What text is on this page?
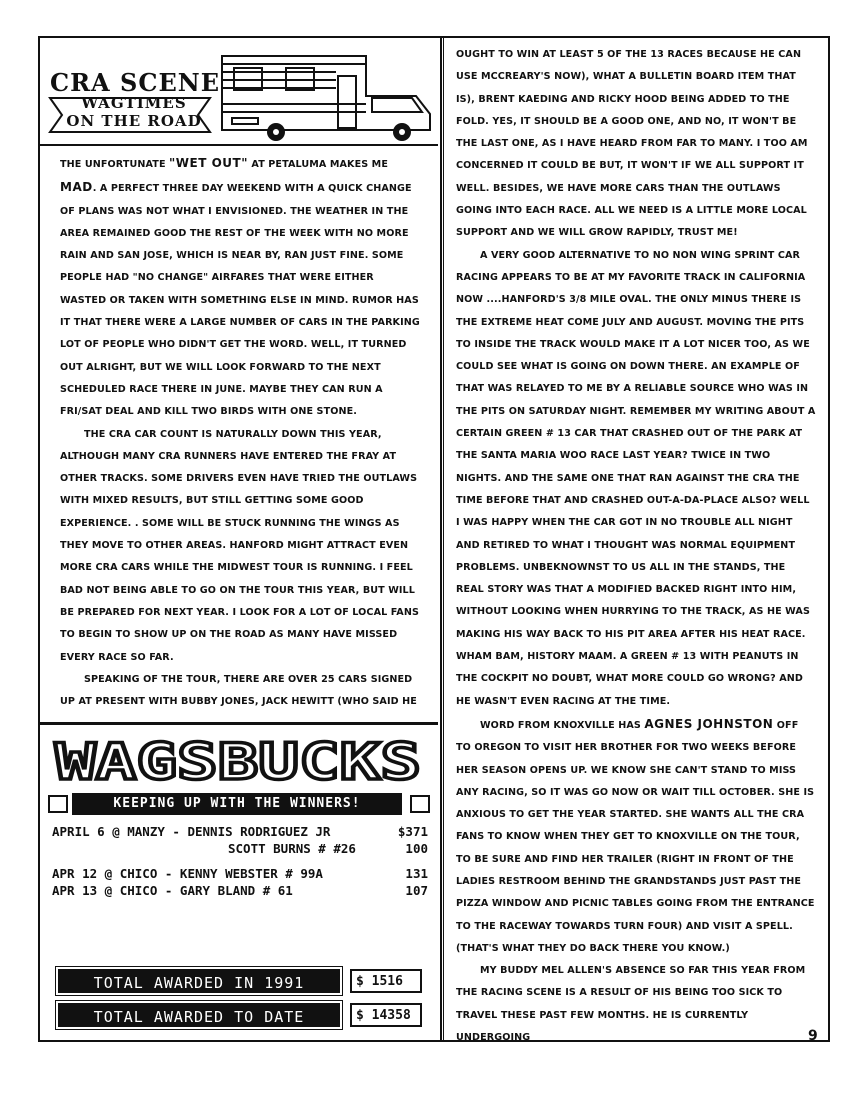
CRA SCENE
WAGTIMES
ON THE ROAD

THE UNFORTUNATE "WET OUT" AT PETALUMA MAKES ME MAD. A PERFECT THREE DAY WEEKEND WITH A QUICK CHANGE OF PLANS WAS NOT WHAT I ENVISIONED. THE WEATHER IN THE AREA REMAINED GOOD THE REST OF THE WEEK WITH NO MORE RAIN AND SAN JOSE, WHICH IS NEAR BY, RAN JUST FINE. SOME PEOPLE HAD "NO CHANGE" AIRFARES THAT WERE EITHER WASTED OR TAKEN WITH SOMETHING ELSE IN MIND. RUMOR HAS IT THAT THERE WERE A LARGE NUMBER OF CARS IN THE PARKING LOT OF PEOPLE WHO DIDN'T GET THE WORD. WELL, IT TURNED OUT ALRIGHT, BUT WE WILL LOOK FORWARD TO THE NEXT SCHEDULED RACE THERE IN JUNE. MAYBE THEY CAN RUN A FRI/SAT DEAL AND KILL TWO BIRDS WITH ONE STONE.

THE CRA CAR COUNT IS NATURALLY DOWN THIS YEAR, ALTHOUGH MANY CRA RUNNERS HAVE ENTERED THE FRAY AT OTHER TRACKS. SOME DRIVERS EVEN HAVE TRIED THE OUTLAWS WITH MIXED RESULTS, BUT STILL GETTING SOME GOOD EXPERIENCE. . SOME WILL BE STUCK RUNNING THE WINGS AS THEY MOVE TO OTHER AREAS. HANFORD MIGHT ATTRACT EVEN MORE CRA CARS WHILE THE MIDWEST TOUR IS RUNNING. I FEEL BAD NOT BEING ABLE TO GO ON THE TOUR THIS YEAR, BUT WILL BE PREPARED FOR NEXT YEAR. I LOOK FOR A LOT OF LOCAL FANS TO BEGIN TO SHOW UP ON THE ROAD AS MANY HAVE MISSED EVERY RACE SO FAR.

SPEAKING OF THE TOUR, THERE ARE OVER 25 CARS SIGNED UP AT PRESENT WITH BUBBY JONES, JACK HEWITT (WHO SAID HE

OUGHT TO WIN AT LEAST 5 OF THE 13 RACES BECAUSE HE CAN USE MCCREARY'S NOW), WHAT A BULLETIN BOARD ITEM THAT IS), BRENT KAEDING AND RICKY HOOD BEING ADDED TO THE FOLD. YES, IT SHOULD BE A GOOD ONE, AND NO, IT WON'T BE THE LAST ONE, AS I HAVE HEARD FROM FAR TO MANY. I TOO AM CONCERNED IT COULD BE BUT, IT WON'T IF WE ALL SUPPORT IT WELL. BESIDES, WE HAVE MORE CARS THAN THE OUTLAWS GOING INTO EACH RACE. ALL WE NEED IS A LITTLE MORE LOCAL SUPPORT AND WE WILL GROW RAPIDLY, TRUST ME!

A VERY GOOD ALTERNATIVE TO NO NON WING SPRINT CAR RACING APPEARS TO BE AT MY FAVORITE TRACK IN CALIFORNIA NOW ....HANFORD'S 3/8 MILE OVAL. THE ONLY MINUS THERE IS THE EXTREME HEAT COME JULY AND AUGUST. MOVING THE PITS TO INSIDE THE TRACK WOULD MAKE IT A LOT NICER TOO, AS WE COULD SEE WHAT IS GOING ON DOWN THERE. AN EXAMPLE OF THAT WAS RELAYED TO ME BY A RELIABLE SOURCE WHO WAS IN THE PITS ON SATURDAY NIGHT. REMEMBER MY WRITING ABOUT A CERTAIN GREEN # 13 CAR THAT CRASHED OUT OF THE PARK AT THE SANTA MARIA WOO RACE LAST YEAR? TWICE IN TWO NIGHTS. AND THE SAME ONE THAT RAN AGAINST THE CRA THE TIME BEFORE THAT AND CRASHED OUT-A-DA-PLACE ALSO? WELL I WAS HAPPY WHEN THE CAR GOT IN NO TROUBLE ALL NIGHT AND RETIRED TO WHAT I THOUGHT WAS NORMAL EQUIPMENT PROBLEMS. UNBEKNOWNST TO US ALL IN THE STANDS, THE REAL STORY WAS THAT A MODIFIED BACKED RIGHT INTO HIM, WITHOUT LOOKING WHEN HURRYING TO THE TRACK, AS HE WAS MAKING HIS WAY BACK TO HIS PIT AREA AFTER HIS HEAT RACE. WHAM BAM, HISTORY MAAM. A GREEN # 13 WITH PEANUTS IN THE COCKPIT NO DOUBT, WHAT MORE COULD GO WRONG? AND HE WASN'T EVEN RACING AT THE TIME.

WORD FROM KNOXVILLE HAS AGNES JOHNSTON OFF TO OREGON TO VISIT HER BROTHER FOR TWO WEEKS BEFORE HER SEASON OPENS UP. WE KNOW SHE CAN'T STAND TO MISS ANY RACING, SO IT WAS GO NOW OR WAIT TILL OCTOBER. SHE IS ANXIOUS TO GET THE YEAR STARTED. SHE WANTS ALL THE CRA FANS TO KNOW WHEN THEY GET TO KNOXVILLE ON THE TOUR, TO BE SURE AND FIND HER TRAILER (RIGHT IN FRONT OF THE LADIES RESTROOM BEHIND THE GRANDSTANDS JUST PAST THE PIZZA WINDOW AND PICNIC TABLES GOING FROM THE ENTRANCE TO THE RACEWAY TOWARDS TURN FOUR) AND VISIT A SPELL. (THAT'S WHAT THEY DO BACK THERE YOU KNOW.)

MY BUDDY MEL ALLEN'S ABSENCE SO FAR THIS YEAR FROM THE RACING SCENE IS A RESULT OF HIS BEING TOO SICK TO TRAVEL THESE PAST FEW MONTHS. HE IS CURRENTLY UNDERGOING

WAGSBUCKS
KEEPING UP WITH THE WINNERS!
APRIL 6 @ MANZY - DENNIS RODRIGUEZ JR	$371
SCOTT BURNS # #26	100
APR 12 @ CHICO - KENNY WEBSTER # 99A	131
APR 13 @ CHICO - GARY BLAND # 61	107
TOTAL AWARDED IN 1991	$ 1516
TOTAL AWARDED TO DATE	$ 14358
9
